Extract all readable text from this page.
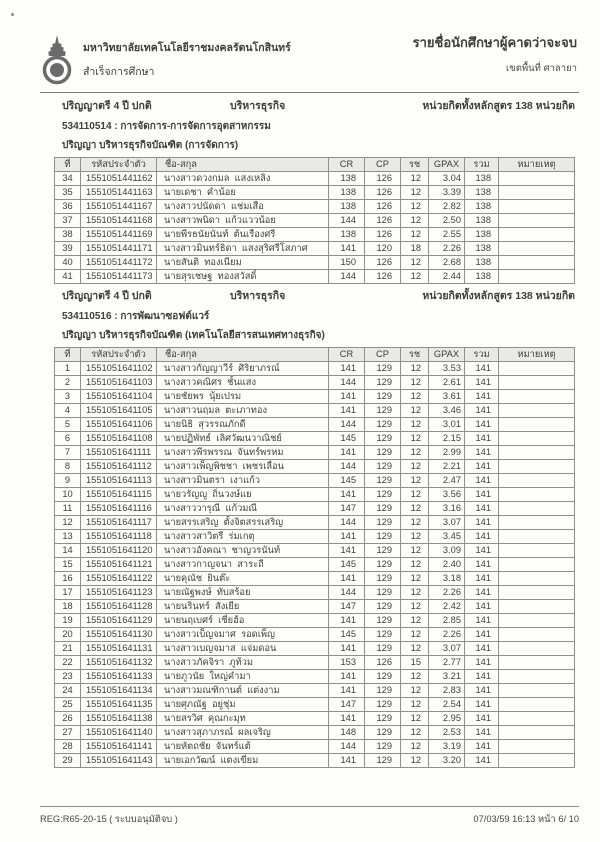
มหาวิทยาลัยเทคโนโลยีราชมงคลรัตนโกสินทร์
สำเร็จการศึกษา
รายชื่อนักศึกษาผู้คาดว่าจะจบ
เขตพื้นที่ ศาลายา
ปริญญาตรี 4 ปี ปกติ	บริหารธุรกิจ	หน่วยกิตทั้งหลักสูตร 138 หน่วยกิต
534110514 : การจัดการ-การจัดการอุตสาหกรรม
ปริญญา บริหารธุรกิจบัณฑิต (การจัดการ)
ที่	รหัสประจำตัว	ชื่อ-สกุล	CR	CP	รช	GPAX	รวม	หมายเหตุ
34	1551051441162	นางสาวดวงกมล  แสงเหลิง	138	126	12	3.04	138	
35	1551051441163	นายเดชา  คำน้อย	138	126	12	3.39	138	
36	1551051441167	นางสาวปนัดดา  แช่มเสือ	138	126	12	2.82	138	
37	1551051441168	นางสาวพนิดา  แก้วแววน้อย	144	126	12	2.50	138	
38	1551051441169	นายพีรธนัยนันท์  ต้นเรืองศรี	138	126	12	2.55	138	
39	1551051441171	นางสาวมินทร์ธิดา  แสงสุริศรีโสภาศ	141	120	18	2.26	138	
40	1551051441172	นายสันติ  ทองเนียม	150	126	12	2.68	138	
41	1551051441173	นายสุรเชษฐ  ทองสวัสดิ์	144	126	12	2.44	138	
ปริญญาตรี 4 ปี ปกติ	บริหารธุรกิจ	หน่วยกิตทั้งหลักสูตร 138 หน่วยกิต
534110516 : การพัฒนาซอฟต์แวร์
ปริญญา บริหารธุรกิจบัณฑิต (เทคโนโลยีสารสนเทศทางธุรกิจ)
ที่	รหัสประจำตัว	ชื่อ-สกุล	CR	CP	รช	GPAX	รวม	หมายเหตุ
1	1551051641102	นางสาวกัญญาวีร์  ศิริยาภรณ์	141	129	12	3.53	141	
2	1551051641103	นางสาวคณิศร  ชั้นแสง	144	129	12	2.61	141	
3	1551051641104	นายชัยพร  นุ้ยเปรม	141	129	12	3.61	141	
4	1551051641105	นางสาวนฤมล  ตะเภาทอง	141	129	12	3.46	141	
5	1551051641106	นายนิธิ  สุวรรณภักดี	144	129	12	3.01	141	
6	1551051641108	นายปฏิพัทธ์  เลิศวัฒนวาณิชย์	145	129	12	2.15	141	
7	1551051641111	นางสาวพีรพรรณ  จันทร์พรหม	141	129	12	2.99	141	
8	1551051641112	นางสาวเพ็ญพิชชา  เพชรเลื่อน	144	129	12	2.21	141	
9	1551051641113	นางสาวมินตรา  เงาแก้ว	145	129	12	2.47	141	
10	1551051641115	นายวรัญญู  ถิ่นวงษ์แย	141	129	12	3.56	141	
11	1551051641116	นางสาววารุณี  แก้วมณี	147	129	12	3.16	141	
12	1551051641117	นายสรรเสริญ  ตั้งจิตสรรเสริญ	144	129	12	3.07	141	
13	1551051641118	นางสาวสาวิตรี  ร่มเกตุ	141	129	12	3.45	141	
14	1551051641120	นางสาวอังคณา  ชาญวรนันท์	141	129	12	3.09	141	
15	1551051641121	นางสาวกาญจนา  สาระถี	145	129	12	2.40	141	
16	1551051641122	นายคุณัช  ยินต๊ะ	141	129	12	3.18	141	
17	1551051641123	นายณัฐพงษ์  ทับสร้อย	144	129	12	2.26	141	
18	1551051641128	นายนรินทร์  สังเยีย	147	129	12	2.42	141	
19	1551051641129	นายนฤเบศร์  เซี่ยฮ้อ	141	129	12	2.85	141	
20	1551051641130	นางสาวเบ็ญจมาศ  รอดเพ็ญ	145	129	12	2.26	141	
21	1551051641131	นางสาวเบญจมาส  แจ่มดอน	141	129	12	3.07	141	
22	1551051641132	นางสาวภัคจิรา  ภูท้วม	153	126	15	2.77	141	
23	1551051641133	นายภูวนัย  ใหญ่คำมา	141	129	12	3.21	141	
24	1551051641134	นางสาวมณฑิกานต์  แต่งงาม	141	129	12	2.83	141	
25	1551051641135	นายศุภณัฐ  อยู่ชุ่ม	147	129	12	2.54	141	
26	1551051641138	นายสรวิศ  คุณกะมุท	141	129	12	2.95	141	
27	1551051641140	นางสาวสุภาภรณ์  ผลเจริญ	148	129	12	2.53	141	
28	1551051641141	นายหัตถชัย  จันทร์แต้	144	129	12	3.19	141	
29	1551051641143	นายเอกวัฒน์  แตงเขี่ยม	141	129	12	3.20	141	
REG:R65-20-15 ( ระบบอนุมัติจบ )	07/03/59 16:13 หน้า 6/ 10
